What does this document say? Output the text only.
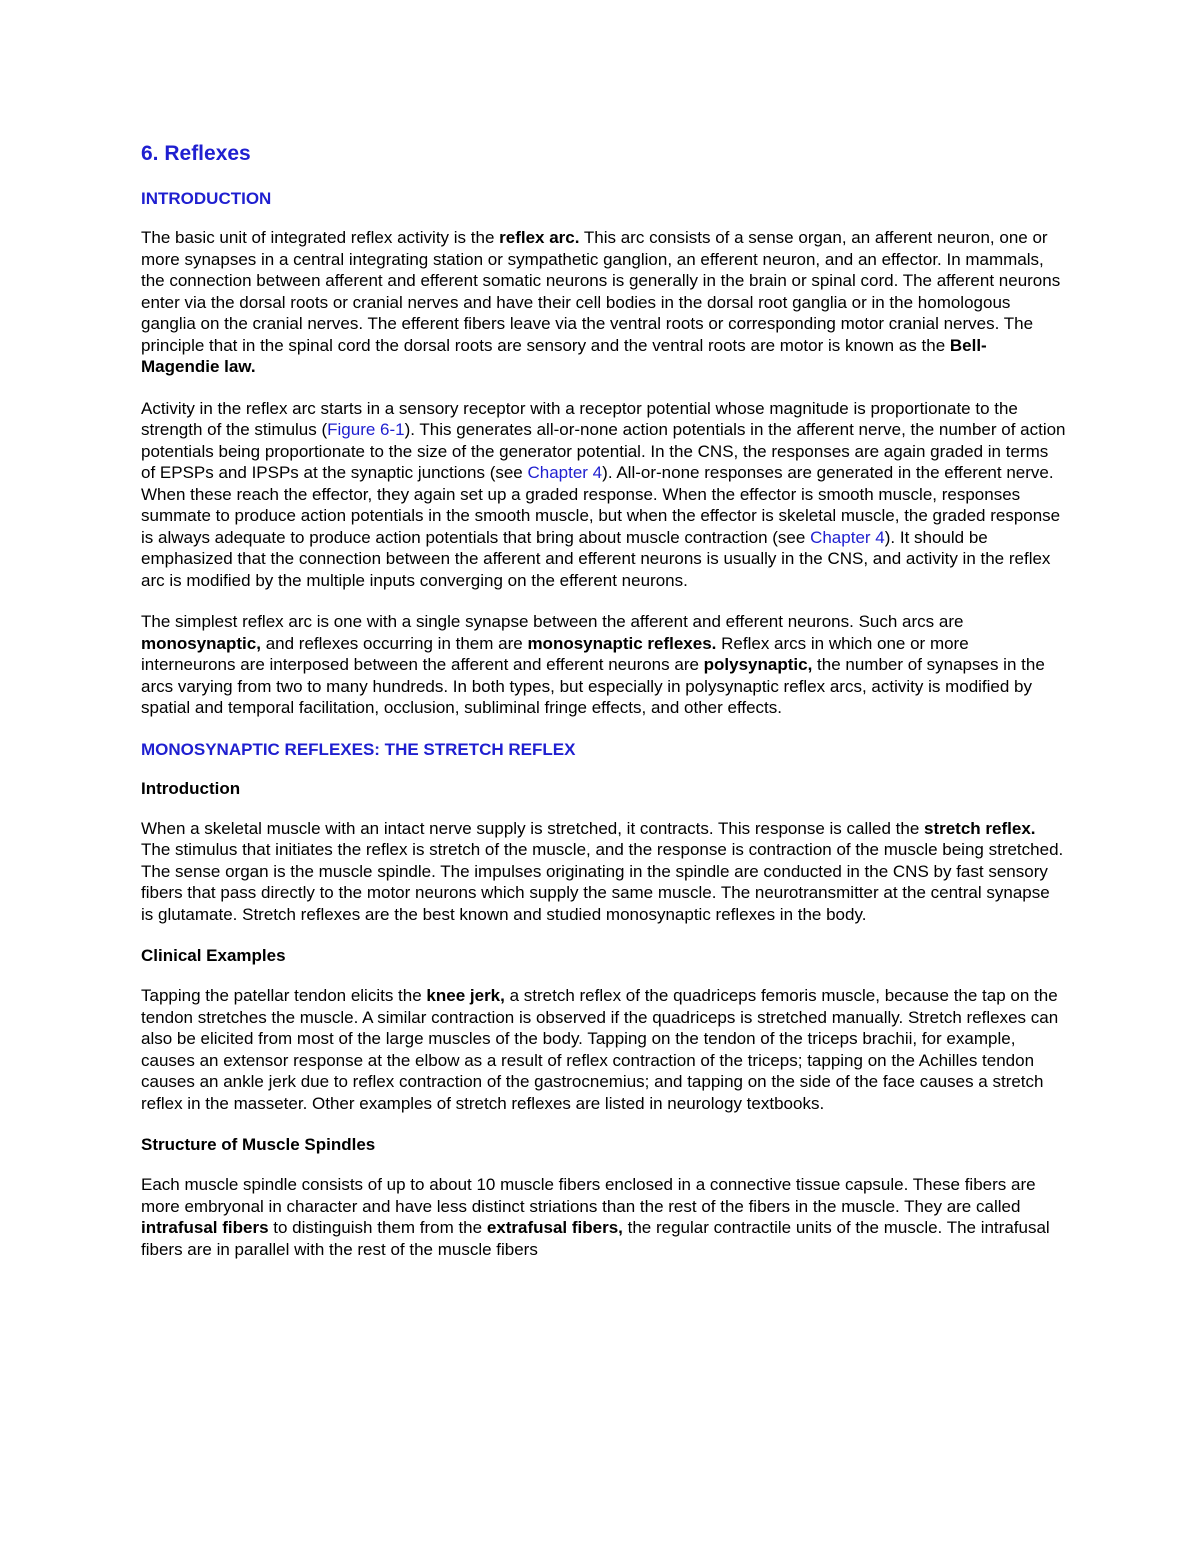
6. Reflexes
INTRODUCTION

The basic unit of integrated reflex activity is the reflex arc. This arc consists of a sense organ, an afferent neuron, one or more synapses in a central integrating station or sympathetic ganglion, an efferent neuron, and an effector. In mammals, the connection between afferent and efferent somatic neurons is generally in the brain or spinal cord. The afferent neurons enter via the dorsal roots or cranial nerves and have their cell bodies in the dorsal root ganglia or in the homologous ganglia on the cranial nerves. The efferent fibers leave via the ventral roots or corresponding motor cranial nerves. The principle that in the spinal cord the dorsal roots are sensory and the ventral roots are motor is known as the Bell- Magendie law.

Activity in the reflex arc starts in a sensory receptor with a receptor potential whose magnitude is proportionate to the strength of the stimulus (Figure 6-1). This generates all-or-none action potentials in the afferent nerve, the number of action potentials being proportionate to the size of the generator potential. In the CNS, the responses are again graded in terms of EPSPs and IPSPs at the synaptic junctions (see Chapter 4). All-or-none responses are generated in the efferent nerve. When these reach the effector, they again set up a graded response. When the effector is smooth muscle, responses summate to produce action potentials in the smooth muscle, but when the effector is skeletal muscle, the graded response is always adequate to produce action potentials that bring about muscle contraction (see Chapter 4). It should be emphasized that the connection between the afferent and efferent neurons is usually in the CNS, and activity in the reflex arc is modified by the multiple inputs converging on the efferent neurons.

The simplest reflex arc is one with a single synapse between the afferent and efferent neurons. Such arcs are monosynaptic, and reflexes occurring in them are monosynaptic reflexes. Reflex arcs in which one or more interneurons are interposed between the afferent and efferent neurons are polysynaptic, the number of synapses in the arcs varying from two to many hundreds. In both types, but especially in polysynaptic reflex arcs, activity is modified by spatial and temporal facilitation, occlusion, subliminal fringe effects, and other effects.

MONOSYNAPTIC REFLEXES: THE STRETCH REFLEX
Introduction

When a skeletal muscle with an intact nerve supply is stretched, it contracts. This response is called the stretch reflex. The stimulus that initiates the reflex is stretch of the muscle, and the response is contraction of the muscle being stretched. The sense organ is the muscle spindle. The impulses originating in the spindle are conducted in the CNS by fast sensory fibers that pass directly to the motor neurons which supply the same muscle. The neurotransmitter at the central synapse is glutamate. Stretch reflexes are the best known and studied monosynaptic reflexes in the body.

Clinical Examples

Tapping the patellar tendon elicits the knee jerk, a stretch reflex of the quadriceps femoris muscle, because the tap on the tendon stretches the muscle. A similar contraction is observed if the quadriceps is stretched manually. Stretch reflexes can also be elicited from most of the large muscles of the body. Tapping on the tendon of the triceps brachii, for example, causes an extensor response at the elbow as a result of reflex contraction of the triceps; tapping on the Achilles tendon causes an ankle jerk due to reflex contraction of the gastrocnemius; and tapping on the side of the face causes a stretch reflex in the masseter. Other examples of stretch reflexes are listed in neurology textbooks.

Structure of Muscle Spindles

Each muscle spindle consists of up to about 10 muscle fibers enclosed in a connective tissue capsule. These fibers are more embryonal in character and have less distinct striations than the rest of the fibers in the muscle. They are called intrafusal fibers to distinguish them from the extrafusal fibers, the regular contractile units of the muscle. The intrafusal fibers are in parallel with the rest of the muscle fibers
